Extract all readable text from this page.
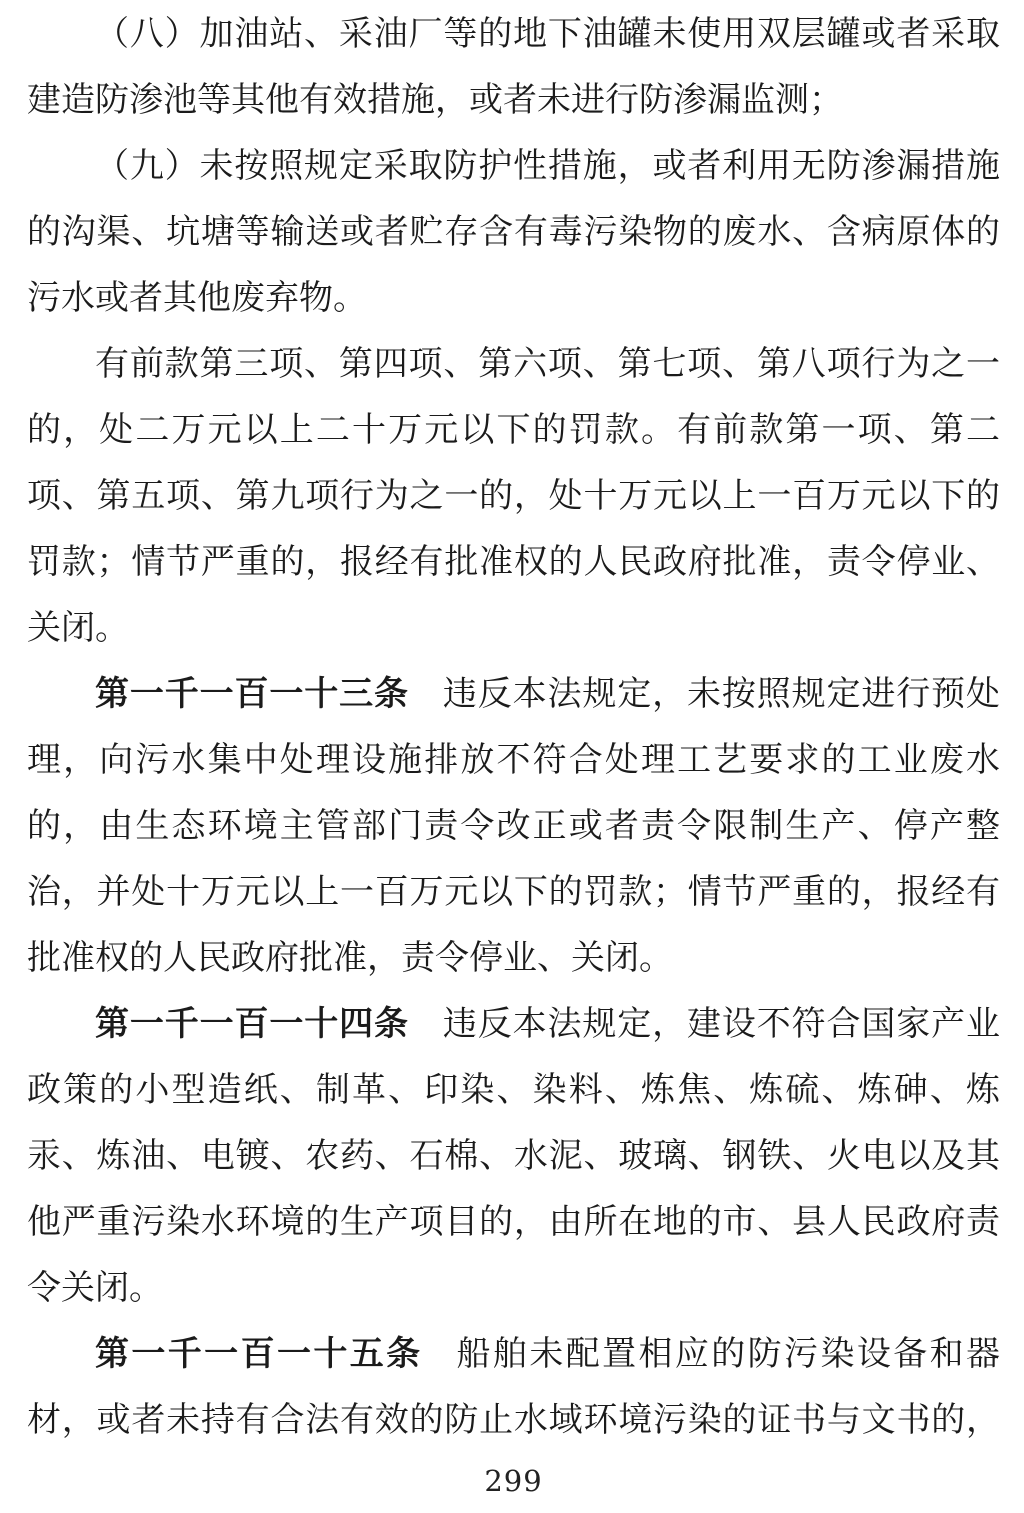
（八）加油站、采油厂等的地下油罐未使用双层罐或者采取
建造防渗池等其他有效措施，或者未进行防渗漏监测；
（九）未按照规定采取防护性措施，或者利用无防渗漏措施
的沟渠、坑塘等输送或者贮存含有毒污染物的废水、含病原体的
污水或者其他废弃物。
有前款第三项、第四项、第六项、第七项、第八项行为之一
的，处二万元以上二十万元以下的罚款。有前款第一项、第二
项、第五项、第九项行为之一的，处十万元以上一百万元以下的
罚款；情节严重的，报经有批准权的人民政府批准，责令停业、
关闭。
第一千一百一十三条 违反本法规定，未按照规定进行预处
理，向污水集中处理设施排放不符合处理工艺要求的工业废水
的，由生态环境主管部门责令改正或者责令限制生产、停产整
治，并处十万元以上一百万元以下的罚款；情节严重的，报经有
批准权的人民政府批准，责令停业、关闭。
第一千一百一十四条 违反本法规定，建设不符合国家产业
政策的小型造纸、制革、印染、染料、炼焦、炼硫、炼砷、炼
汞、炼油、电镀、农药、石棉、水泥、玻璃、钢铁、火电以及其
他严重污染水环境的生产项目的，由所在地的市、县人民政府责
令关闭。
第一千一百一十五条 船舶未配置相应的防污染设备和器
材，或者未持有合法有效的防止水域环境污染的证书与文书的，
299
